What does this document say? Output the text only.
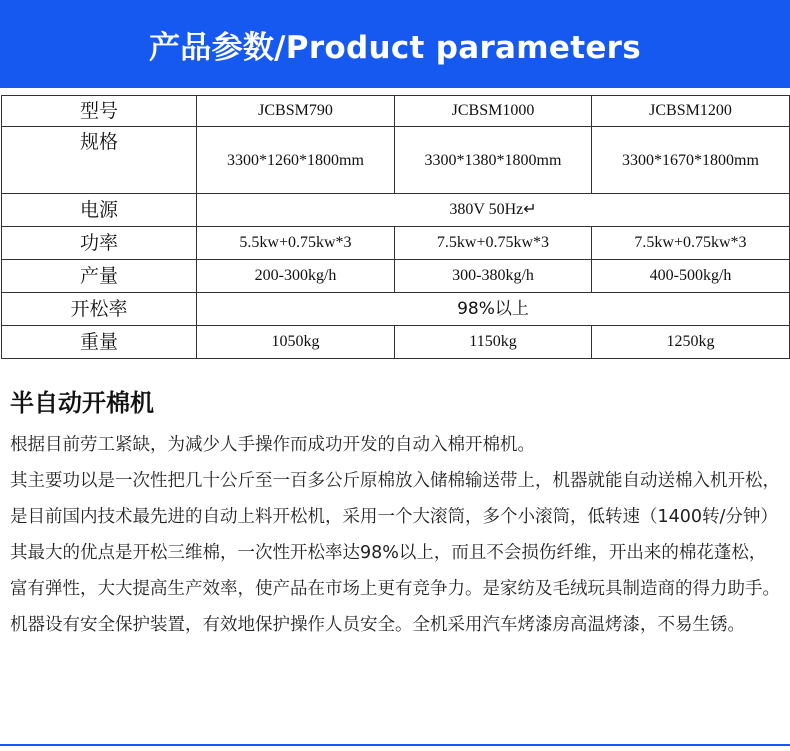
产品参数/Product parameters
型号	JCBSM790	JCBSM1000	JCBSM1200
规格	3300*1260*1800mm	3300*1380*1800mm	3300*1670*1800mm
电源	380V 50Hz↵		
功率	5.5kw+0.75kw*3	7.5kw+0.75kw*3	7.5kw+0.75kw*3
产量	200-300kg/h	300-380kg/h	400-500kg/h
开松率	98%以上		
重量	1050kg	1150kg	1250kg
半自动开棉机

根据目前劳工紧缺，为减少人手操作而成功开发的自动入棉开棉机。

其主要功以是一次性把几十公斤至一百多公斤原棉放入储棉输送带上，机器就能自动送棉入机开松，是目前国内技术最先进的自动上料开松机，采用一个大滚筒，多个小滚筒，低转速（1400转/分钟）其最大的优点是开松三维棉，一次性开松率达98%以上，而且不会损伤纤维，开出来的棉花蓬松，富有弹性，大大提高生产效率，使产品在市场上更有竞争力。是家纺及毛绒玩具制造商的得力助手。

机器设有安全保护装置，有效地保护操作人员安全。全机采用汽车烤漆房高温烤漆，不易生锈。
